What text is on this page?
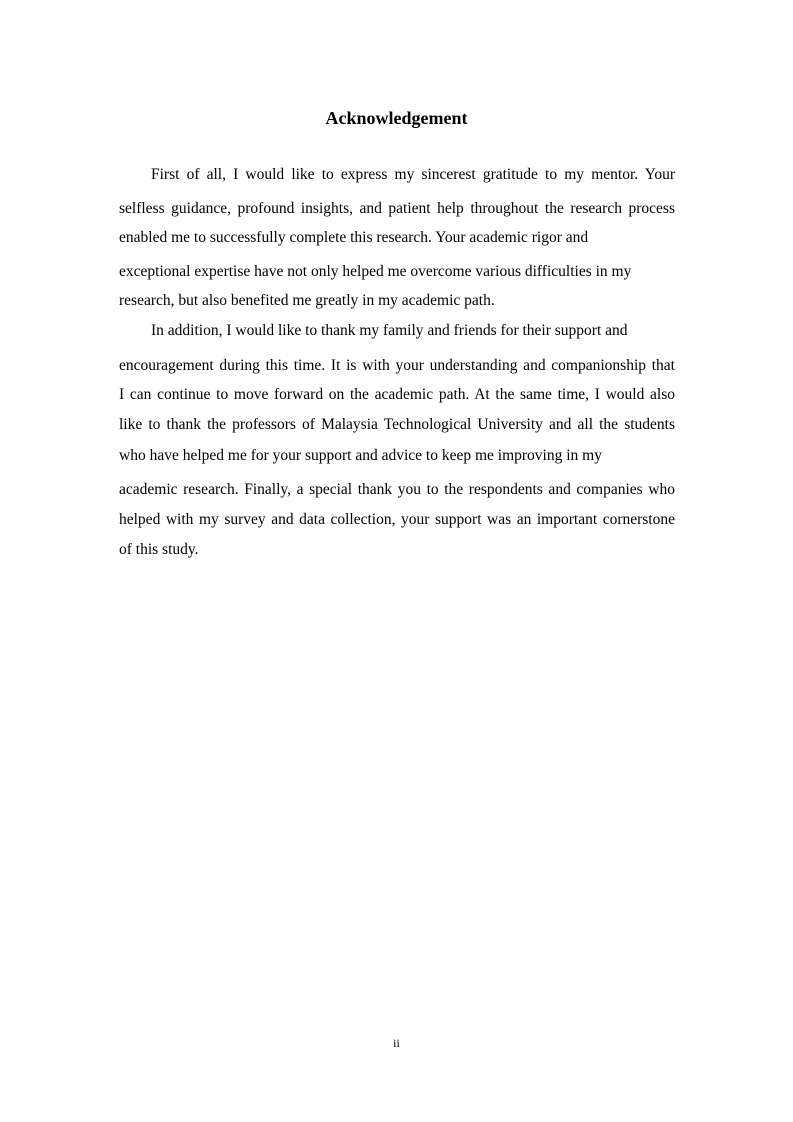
Acknowledgement

First of all, I would like to express my sincerest gratitude to my mentor. Your

selfless guidance, profound insights, and patient help throughout the research process

enabled me to successfully complete this research. Your academic rigor and

exceptional expertise have not only helped me overcome various difficulties in my

research, but also benefited me greatly in my academic path.

In addition, I would like to thank my family and friends for their support and

encouragement during this time. It is with your understanding and companionship that

I can continue to move forward on the academic path. At the same time, I would also

like to thank the professors of Malaysia Technological University and all the students

who have helped me for your support and advice to keep me improving in my

academic research. Finally, a special thank you to the respondents and companies who

helped with my survey and data collection, your support was an important cornerstone

of this study.

ii
